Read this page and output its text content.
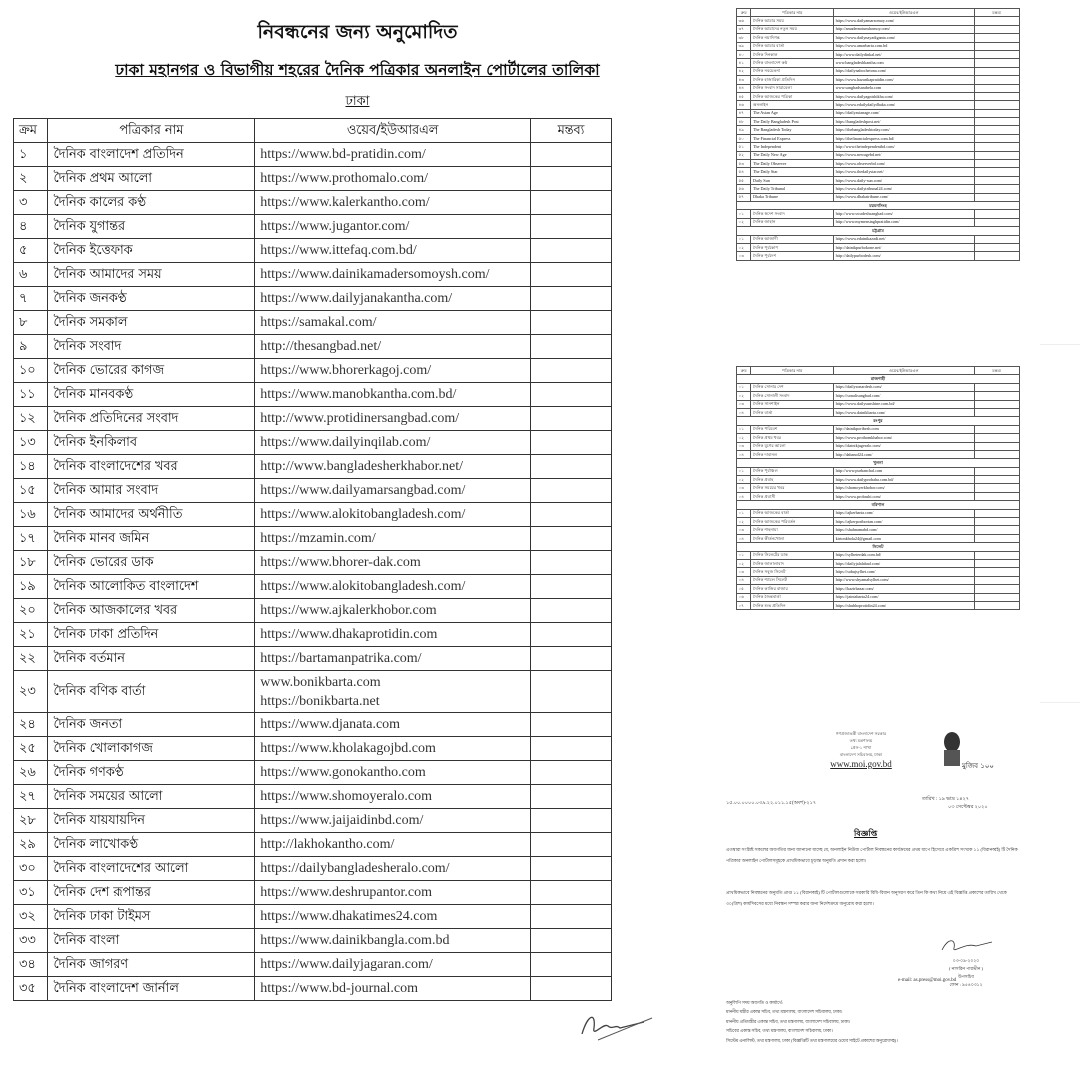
নিবন্ধনের জন্য অনুমোদিত
ঢাকা মহানগর ও বিভাগীয় শহরের দৈনিক পত্রিকার অনলাইন পোর্টালের তালিকা
ঢাকা
ক্রম	পত্রিকার নাম	ওয়েব/ইউআরএল	মন্তব্য
১	দৈনিক বাংলাদেশ প্রতিদিন	https://www.bd-pratidin.com/	
২	দৈনিক প্রথম আলো	https://www.prothomalo.com/	
৩	দৈনিক কালের কণ্ঠ	https://www.kalerkantho.com/	
৪	দৈনিক যুগান্তর	https://www.jugantor.com/	
৫	দৈনিক ইত্তেফাক	https://www.ittefaq.com.bd/	
৬	দৈনিক আমাদের সময়	https://www.dainikamadersomoysh.com/	
৭	দৈনিক জনকণ্ঠ	https://www.dailyjanakantha.com/	
৮	দৈনিক সমকাল	https://samakal.com/	
৯	দৈনিক সংবাদ	http://thesangbad.net/	
১০	দৈনিক ভোরের কাগজ	https://www.bhorerkagoj.com/	
১১	দৈনিক মানবকণ্ঠ	https://www.manobkantha.com.bd/	
১২	দৈনিক প্রতিদিনের সংবাদ	http://www.protidinersangbad.com/	
১৩	দৈনিক ইনকিলাব	https://www.dailyinqilab.com/	
১৪	দৈনিক বাংলাদেশের খবর	http://www.bangladesherkhabor.net/	
১৫	দৈনিক আমার সংবাদ	https://www.dailyamarsangbad.com/	
১৬	দৈনিক আমাদের অর্থনীতি	https://www.alokitobangladesh.com/	
১৭	দৈনিক মানব জমিন	https://mzamin.com/	
১৮	দৈনিক ভোরের ডাক	https://www.bhorer-dak.com	
১৯	দৈনিক আলোকিত বাংলাদেশ	https://www.alokitobangladesh.com/	
২০	দৈনিক আজকালের খবর	https://www.ajkalerkhobor.com	
২১	দৈনিক ঢাকা প্রতিদিন	https://www.dhakaprotidin.com	
২২	দৈনিক বর্তমান	https://bartamanpatrika.com/	
২৩	দৈনিক বণিক বার্তা	www.bonikbarta.com
https://bonikbarta.net	

২৪	দৈনিক জনতা	https://www.djanata.com	
২৫	দৈনিক খোলাকাগজ	https://www.kholakagojbd.com	
২৬	দৈনিক গণকণ্ঠ	https://www.gonokantho.com	
২৭	দৈনিক সময়ের আলো	https://www.shomoyeralo.com	
২৮	দৈনিক যায়যায়দিন	https://www.jaijaidinbd.com/	
২৯	দৈনিক লাখোকণ্ঠ	http://lakhokantho.com/	
৩০	দৈনিক বাংলাদেশের আলো	https://dailybangladesheralo.com/	
৩১	দৈনিক দেশ রূপান্তর	https://www.deshrupantor.com	
৩২	দৈনিক ঢাকা টাইমস	https://www.dhakatimes24.com	
৩৩	দৈনিক বাংলা	https://www.dainikbangla.com.bd	
৩৪	দৈনিক জাগরণ	https://www.dailyjagaran.com/	
৩৫	দৈনিক বাংলাদেশ জার্নাল	https://www.bd-journal.com	

ক্রম	পত্রিকার নাম	ওয়েব/ইউআরএল	মন্তব্য
৩৬	দৈনিক আমার সময়	https://www.dailyamarsomoy.com/	
৩৭	দৈনিক আমাদের নতুন সময়	http://amadernotunshomoy.com/	
৩৮	দৈনিক নয়াদিগন্ত	https://www.dailynayadiganta.com/	
৩৯	দৈনিক আমার বার্তা	https://www.amarbarta.com.bd	
৪০	দৈনিক দিনকাল	http://www.dailydinkal.net/	
৪১	দৈনিক বাংলাদেশ কণ্ঠ	www.bangladeshkantha.com	
৪২	দৈনিক নবচেতনা	https://dailynabochetona.com/	
৪৩	দৈনিক হাজারিকা প্রতিদিন	https://www.hazarikapratidin.com/	
৪৪	দৈনিক সংবাদ সারাবেলা	www.sangbadsarabela.com	
৪৫	দৈনিক আজকের পত্রিকা	https://www.dailyagnishikha.com/	
৪৬	অনলাইন	https://www.edailydailydhaka.com/	
৪৭	The Asian Age	https://dailyasianage.com/	
৪৮	The Daily Bangladesh Post	https://bangladeshpost.net/	
৪৯	The Bangladesh Today	https://thebangladeshtoday.com/	
৫০	The Financial Express	https://thefinancialexpress.com.bd/	
৫১	The Independent	http://www.theindependentbd.com/	
৫২	The Daily New Age	https://www.newagebd.net/	
৫৩	The Daily Observer	https://www.observerbd.com/	
৫৪	The Daily Star	https://www.thedailystar.net/	
৫৫	Daily Sun	https://www.daily-sun.com/	
৫৬	The Daily Tribunal	https://www.dailytribunal24.com/	
৫৭	Dhaka Tribune	https://www.dhakatribune.com/	
ময়মনসিংহ			
০১	দৈনিক স্বদেশ সংবাদ	http://www.swadeshsangbad.com/	
০২	দৈনিক জাহান	http://www.mymensinghpratidin.com/	
চট্টগ্রাম			
০১	দৈনিক আজাদী	https://www.edainikazadi.net/	
০২	দৈনিক পূর্বকোণ	http://dainikpurbokone.net/	
০৩	দৈনিক পূর্বদেশ	http://dailypurbodesh.com/	
ক্রম	পত্রিকার নাম	ওয়েব/ইউআরএল	মন্তব্য
রাজশাহী			
০১	দৈনিক সোনার দেশ	https://dailysonardesh.com/	
০২	দৈনিক সোনালী সংবাদ	https://sonalisangbad.com/	
০৩	দৈনিক সানশাইন	https://www.dailysunshine.com.bd/	
০৪	দৈনিক বার্তা	https://www.dainikbarta.com/	
রংপুর			
০১	দৈনিক পরিবেশ	http://dainikporibesh.com	
০২	দৈনিক প্রথম খবর	https://www.prothomkhabor.com/	
০৩	দৈনিক যুগের আলো	https://dainikjugeralo.com/	
০৪	দৈনিক দাবানল	http://dabanol24.com/	
খুলনা			
০১	দৈনিক পূর্বাঞ্চল	http://www.purbanchal.com	
০২	দৈনিক প্রবাহ	https://www.dailyprobaha.com.bd/	
০৩	দৈনিক সময়ের খবর	https://shomoyerkhobor.com/	
০৪	দৈনিক প্রবাসী	https://www.probashi.com/	
বরিশাল			
০১	দৈনিক আজকের বার্তা	https://ajkerbarta.com/	
০২	দৈনিক আজকের পরিবর্তন	https://ajkerporibortan.com/	
০৩	দৈনিক শাহনামা	https://shahnamabd.com/	
০৪	দৈনিক কীর্তনখোলা	kirtonkhola24@gmail.com	
সিলেট			
০১	দৈনিক সিলেটের ডাক	https://sylheterdak.com.bd/	
০২	দৈনিক জালালাবাদ	https://dailyjalalabad.com/	
০৩	দৈনিক সবুজ সিলেট	https://sabujsylhet.com/	
০৪	দৈনিক শ্যামল সিলেট	http://www.shyamalsylhet.com/	
০৫	দৈনিক কাজির বাজার	https://kazirbazar.com/	
০৬	দৈনিক জৈন্তবার্তা	https://jaintabarta24.com/	
০৭	দৈনিক শুভ প্রতিদিন	https://shubhoprotidin24.com/	
গণপ্রজাতন্ত্রী বাংলাদেশ সরকার
তথ্য মন্ত্রণালয়
প্রেস-১ শাখা
বাংলাদেশ সচিবালয়, ঢাকা
www.moi.gov.bd	মুজিব ১০০
১৫.০০.০০০০.০৩৯.২২.০১১.১৫(অংশ)-২১৭
তারিখ : ১৯ ভাদ্র ১৪২৭
০৩ সেপ্টেম্বর ২০২০
বিজ্ঞপ্তি
এতদ্বারা সংশ্লিষ্ট সকলের অবগতির জন্য জানানো যাচ্ছে যে, অনলাইন নিউজ পোর্টাল নিবন্ধনের কার্যক্রমের প্রথম ধাপে হিসেবে একত্রিশ সংখ্যক ১১ (বিরানব্বই) টি দৈনিক পত্রিকার অনলাইন পোর্টালসমূহকে প্রাথমিকভাবে চূড়ান্ত অনুমতি প্রদান করা হলো।
প্রাথমিকভাবে নিবন্ধনের অনুমতি প্রাপ্ত ১১ (বিরানব্বই) টি পোর্টালগুলোকে সরকারি বিধি-বিধান অনুসরণ করে তিন কি কথা নিয়ে এই বিজ্ঞপ্তি প্রকাশের তারিখ থেকে ৩০(ত্রিশ) কার্যদিবসের মধ্যে নিবন্ধন সম্পন্ন করার জন্য নির্দেশক্রমে অনুরোধ করা হলো।
০৩-০৯-২০২০
( নাসরিন পারভীন )
উপসচিব
ফোন : ৯৫৪০৩১২
e-mail: as.press@moi.gov.bd
অনুলিপি সদয় অবগতি ও কার্যার্থে:
মাননীয় মন্ত্রীর একান্ত সচিব, তথ্য মন্ত্রণালয়, বাংলাদেশ সচিবালয়, ঢাকা।
মাননীয় প্রতিমন্ত্রীর একান্ত সচিব, তথ্য মন্ত্রণালয়, বাংলাদেশ সচিবালয়, ঢাকা।
সচিবের একান্ত সচিব, তথ্য মন্ত্রণালয়, বাংলাদেশ সচিবালয়, ঢাকা।
সিস্টেম এনালিস্ট, তথ্য মন্ত্রণালয়, ঢাকা (বিজ্ঞপ্তিটি তথ্য মন্ত্রণালয়ের ওয়েব সাইটে প্রকাশের অনুরোধসহ)।
